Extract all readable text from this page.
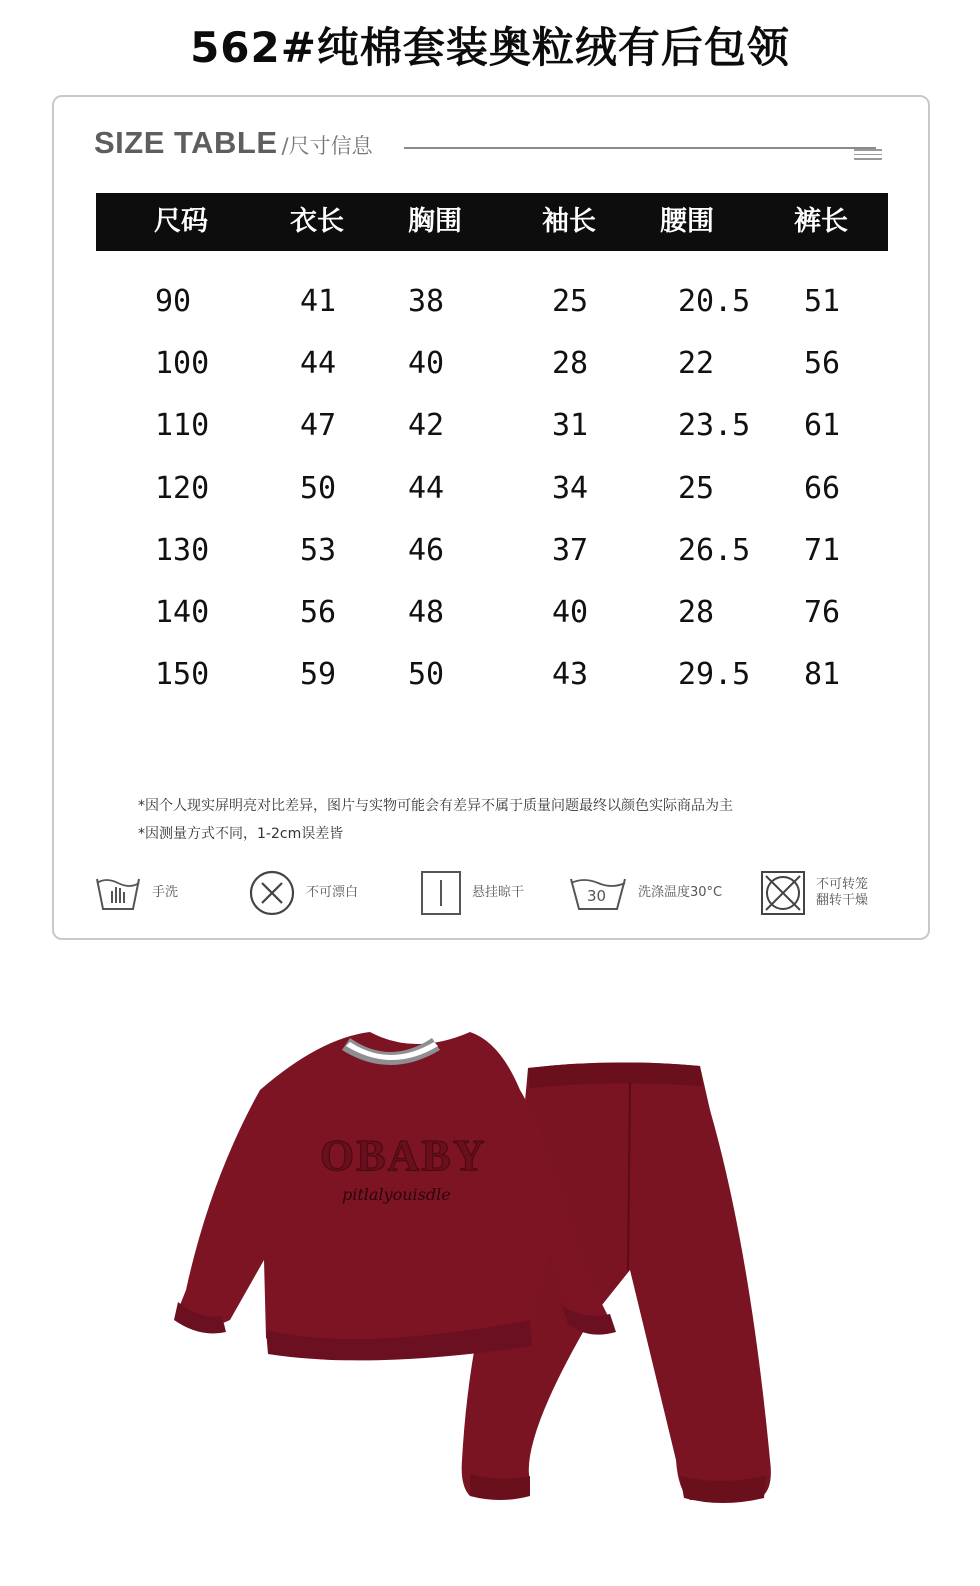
562#纯棉套装奥粒绒有后包领
SIZE TABLE /尺寸信息
尺码	衣长 胸围	袖长 腰围	裤长
90	41 38	25	20.5 51
100	44 40	28	22	56
110	47 42	31	23.5 61
120	50 44	34	25	66
130	53 46	37	26.5 71
140	56 48	40	28	76
150	59 50	43	29.5 81
*因个人现实屏明亮对比差异，图片与实物可能会有差异不属于质量问题最终以颜色实际商品为主
*因测量方式不同，1-2cm误差皆
手洗	不可漂白	悬挂晾干	30 洗涤温度30°C
不可转笼
翻转干燥
OBABY
pitlalyouisdle
